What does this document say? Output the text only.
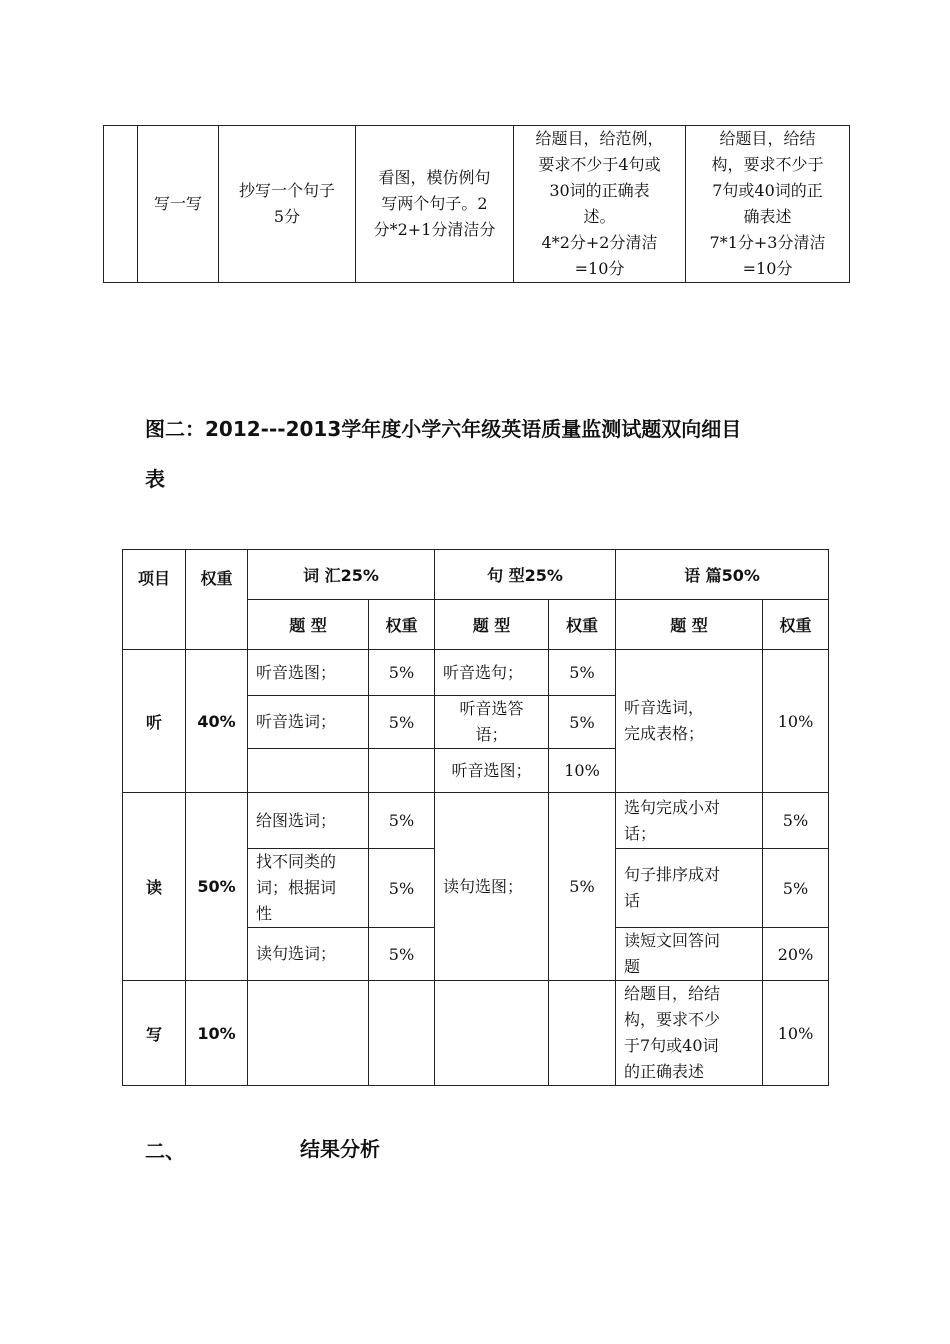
	写一写	抄写一个句子
5分	看图，模仿例句
写两个句子。2
分*2+1分清洁分	给题目，给范例，
要求不少于4句或
30词的正确表
述。
4*2分+2分清洁
=10分	给题目，给结
构，要求不少于
7句或40词的正
确表述
7*1分+3分清洁
=10分
图二：2012---2013学年度小学六年级英语质量监测试题双向细目
表
项目	权重	词 汇25%		句 型25%		语 篇50%	
		题 型	权重	题 型	权重	题 型	权重
听	40%	听音选图；	5%	听音选句；	5%	听音选词，
完成表格；	10%
		听音选词；	5%	听音选答
语；	5%		
				听音选图；	10%		
读	50%	给图选词；	5%	读句选图；	5%	选句完成小对
话；	5%
		找不同类的
词；根据词
性	5%			句子排序成对
话	5%
		读句选词；	5%			读短文回答问
题	20%
写	10%					给题目，给结
构，要求不少
于7句或40词
的正确表述	10%
二、	结果分析
